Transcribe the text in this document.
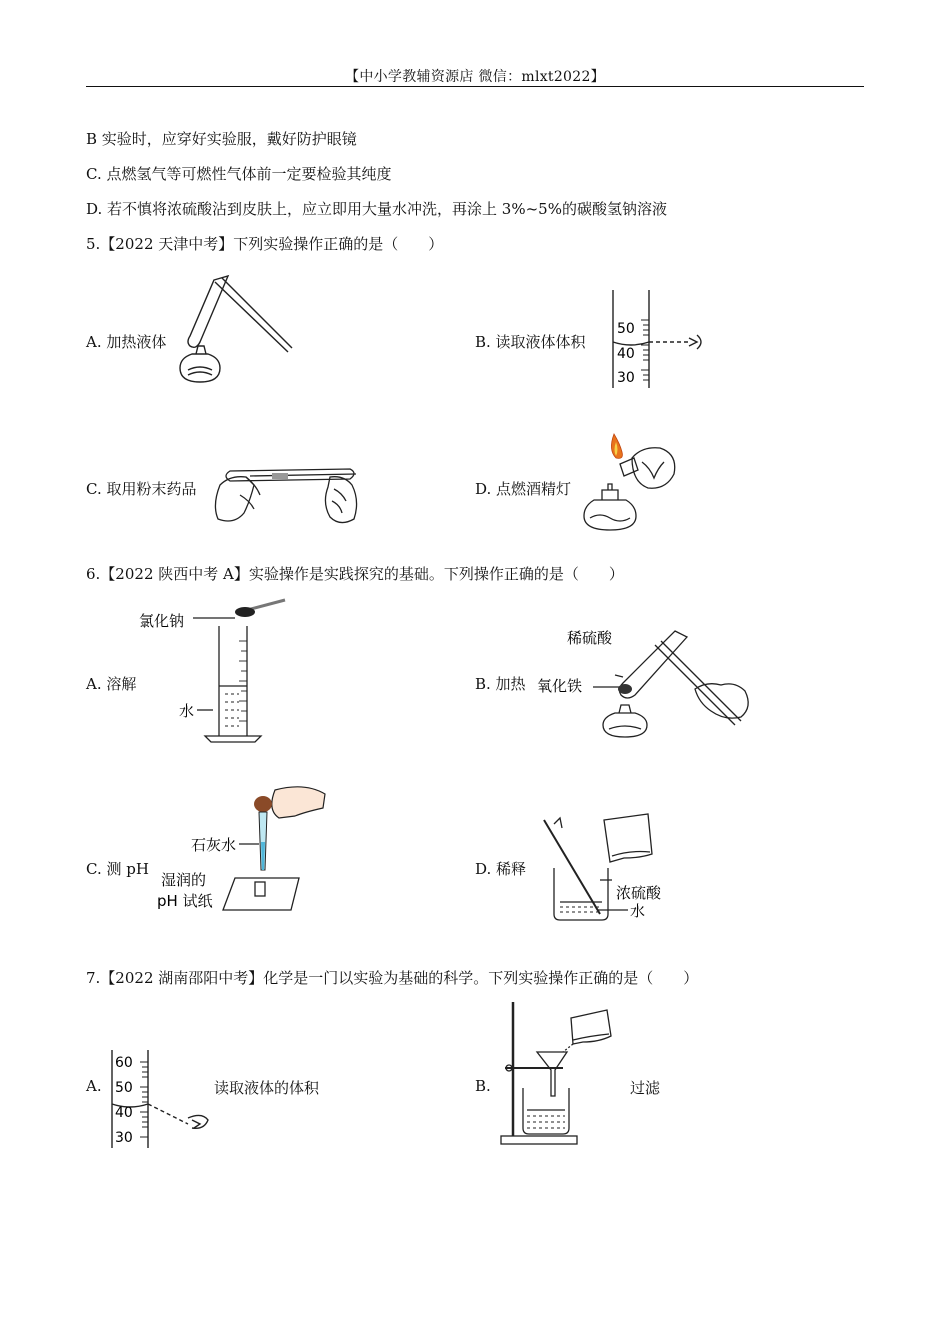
【中小学教辅资源店 微信：mlxt2022】
B 实验时，应穿好实验服，戴好防护眼镜
C. 点燃氢气等可燃性气体前一定要检验其纯度
D. 若不慎将浓硫酸沾到皮肤上，应立即用大量水冲洗，再涂上 3%~5%的碳酸氢钠溶液
5.【2022 天津中考】下列实验操作正确的是（　　）
A. 加热液体	B. 读取液体体积
50
40
30
C. 取用粉末药品	D. 点燃酒精灯
6.【2022 陕西中考 A】实验操作是实践探究的基础。下列操作正确的是（　　）
A. 溶解
氯化钠
水
B. 加热
稀硫酸
氧化铁
C. 测 pH
石灰水
湿润的
pH 试纸
D. 稀释
浓硫酸
水
7.【2022 湖南邵阳中考】化学是一门以实验为基础的科学。下列实验操作正确的是（　　）
A.
60
50
40
30
读取液体的体积	B.	过滤
